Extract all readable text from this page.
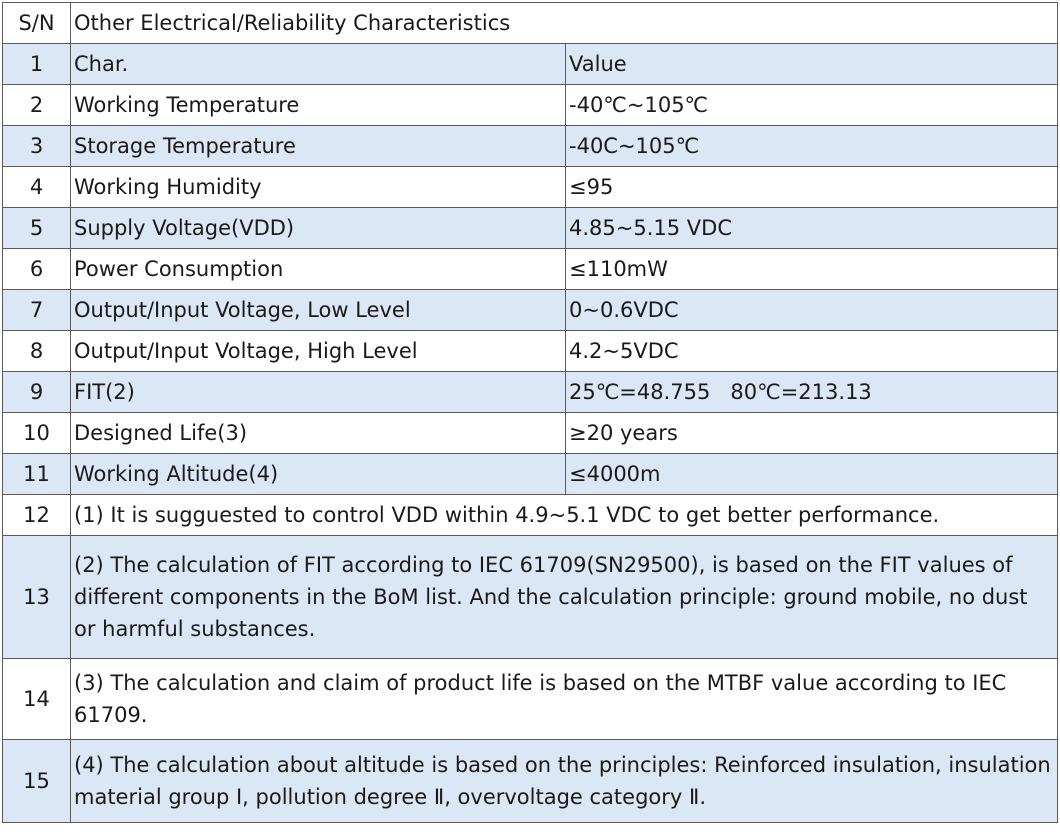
S/N	Other Electrical/Reliability Characteristics	
1	Char.	Value
2	Working Temperature	-40℃~105℃
3	Storage Temperature	-40C~105℃
4	Working Humidity	≤95
5	Supply Voltage(VDD)	4.85~5.15 VDC
6	Power Consumption	≤110mW
7	Output/Input Voltage, Low Level	0~0.6VDC
8	Output/Input Voltage, High Level	4.2~5VDC
9	FIT(2)	25℃=48.755   80℃=213.13
10	Designed Life(3)	≥20 years
11	Working Altitude(4)	≤4000m
12	(1) It is sugguested to control VDD within 4.9~5.1 VDC to get better performance.	
13	(2) The calculation of FIT according to IEC 61709(SN29500), is based on the FIT values of different components in the BoM list. And the calculation principle: ground mobile, no dust or harmful substances.	
14	(3) The calculation and claim of product life is based on the MTBF value according to IEC 61709.	
15	(4) The calculation about altitude is based on the principles: Reinforced insulation, insulation material group Ⅰ, pollution degree Ⅱ, overvoltage category Ⅱ.	
